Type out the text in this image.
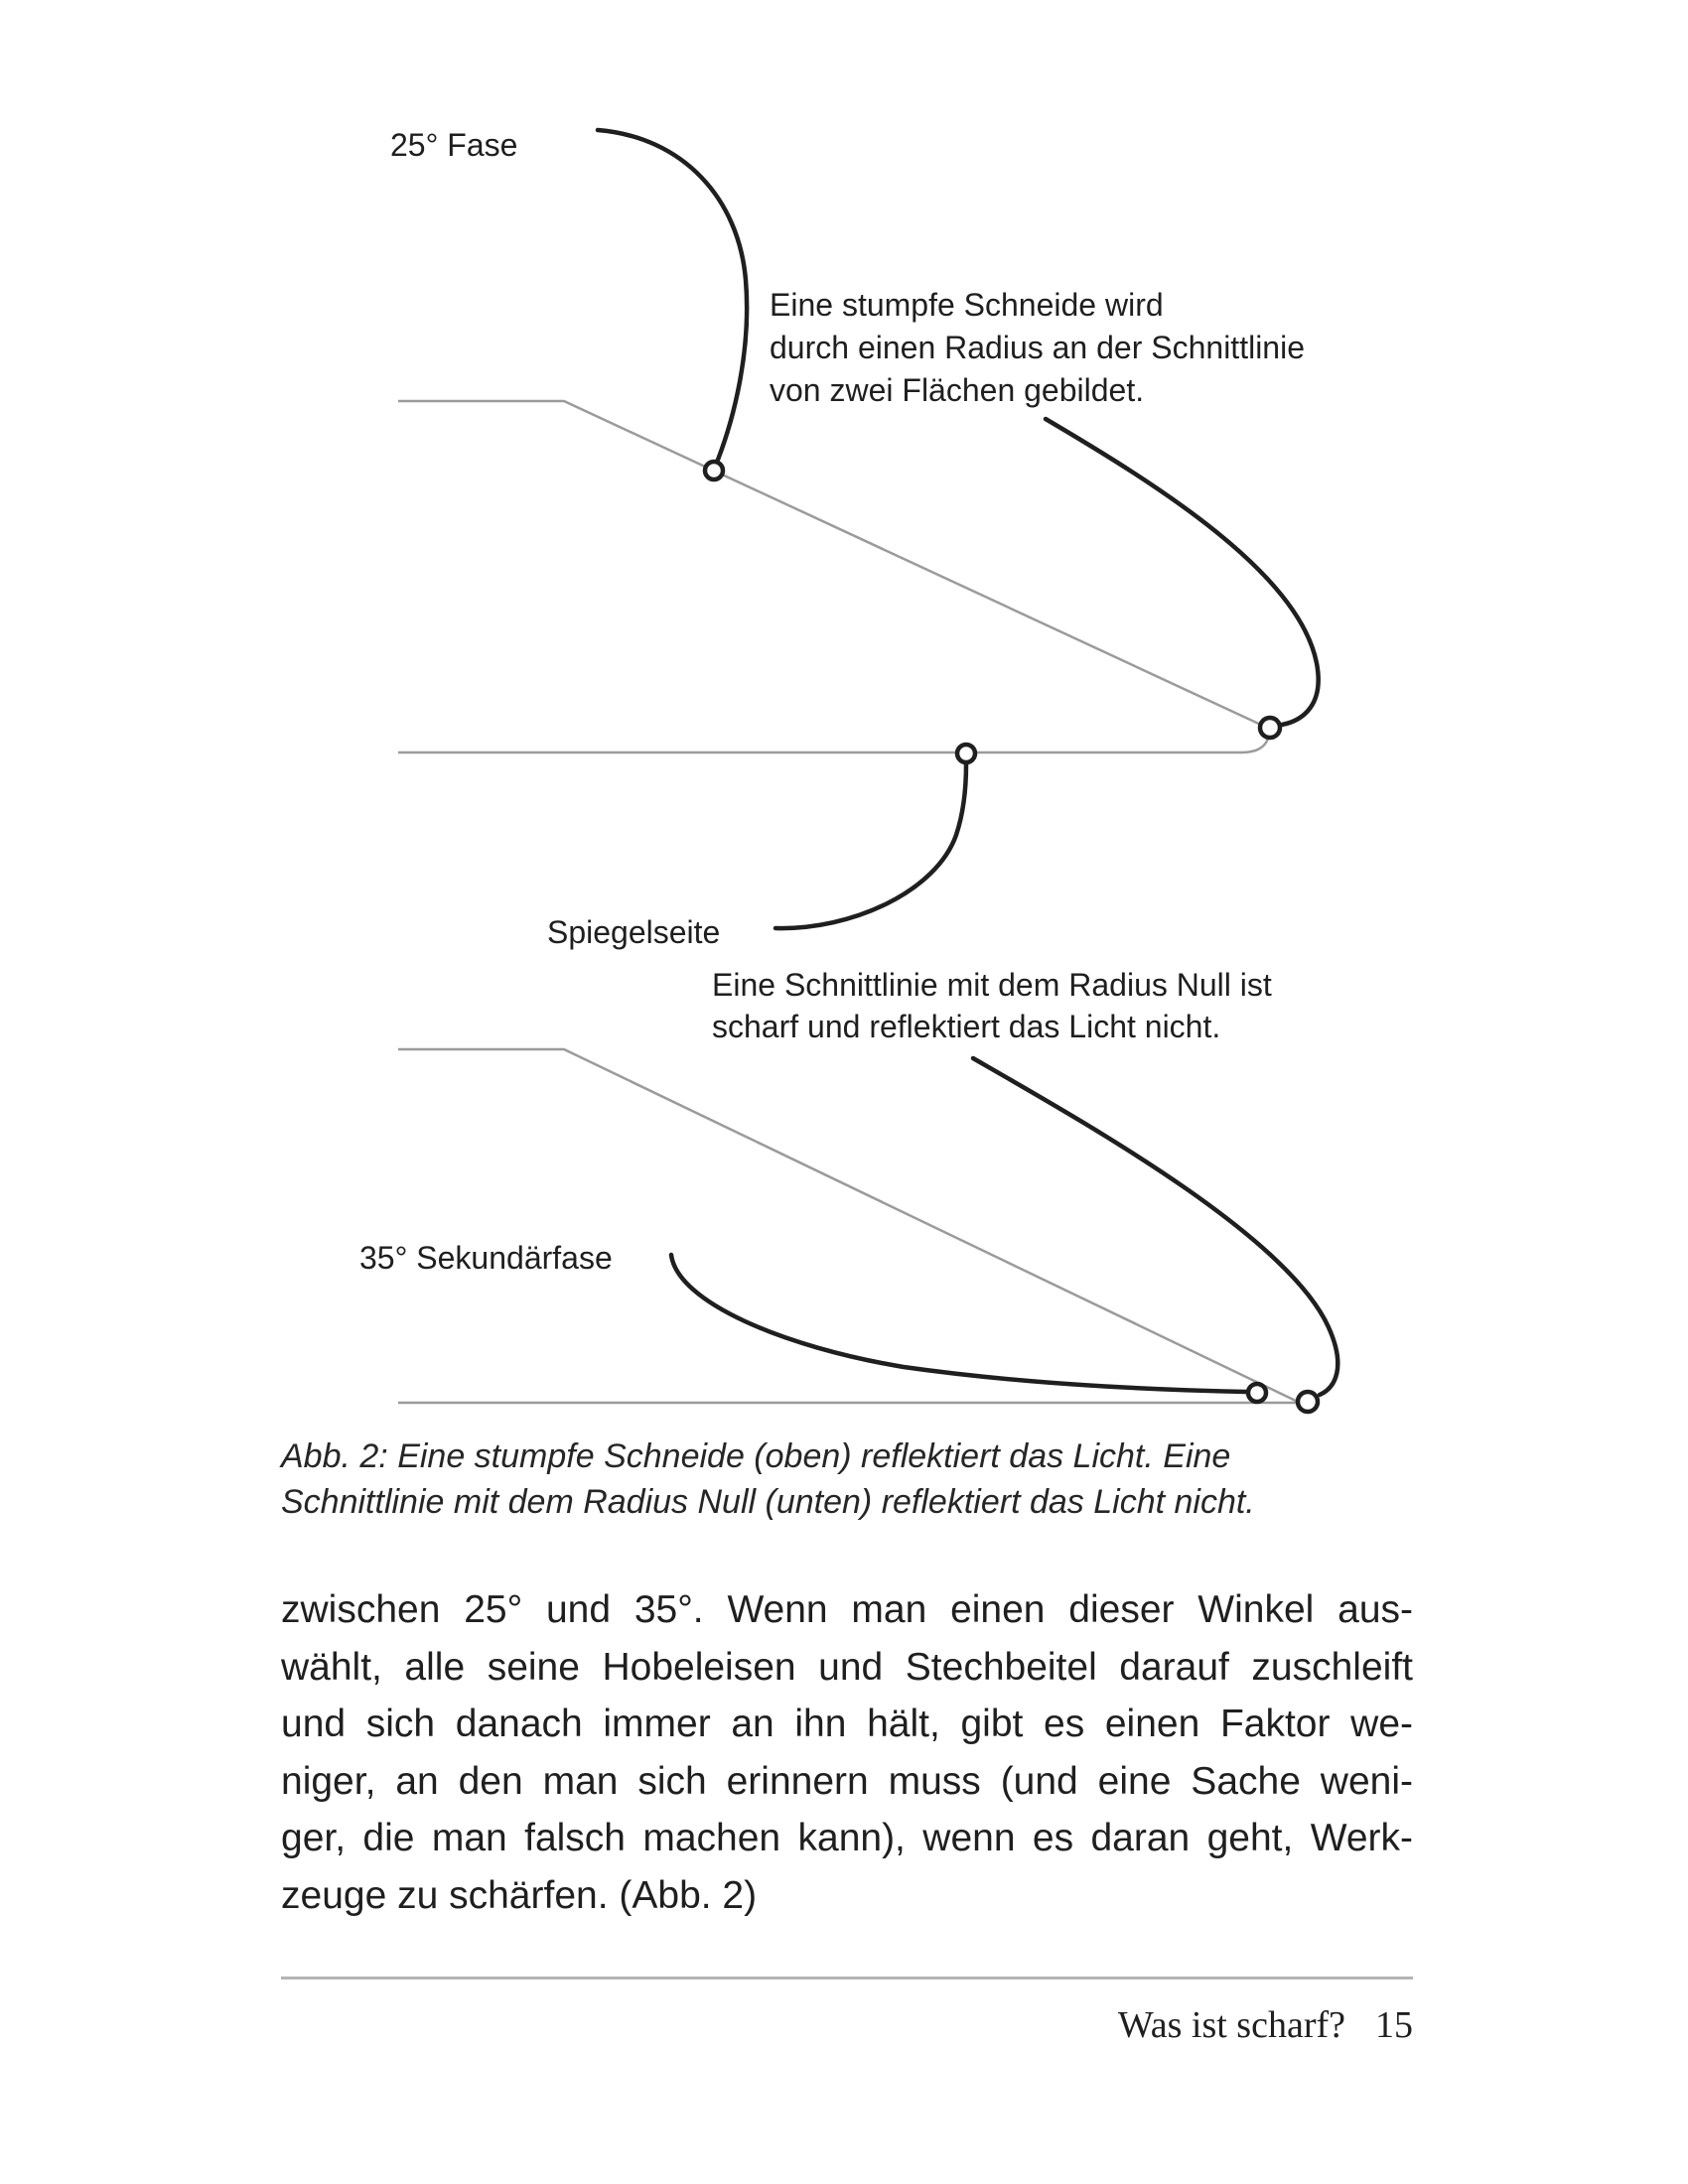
25° Fase
Eine stumpfe Schneide wird
durch einen Radius an der Schnittlinie
von zwei Flächen gebildet.
Spiegelseite
Eine Schnittlinie mit dem Radius Null ist
scharf und reflektiert das Licht nicht.
35° Sekundärfase
Abb. 2: Eine stumpfe Schneide (oben) reflektiert das Licht. Eine
Schnittlinie mit dem Radius Null (unten) reflektiert das Licht nicht.
zwischen 25° und 35°. Wenn man einen dieser Winkel aus-
wählt, alle seine Hobeleisen und Stechbeitel darauf zuschleift
und sich danach immer an ihn hält, gibt es einen Faktor we-
niger, an den man sich erinnern muss (und eine Sache weni-
ger, die man falsch machen kann), wenn es daran geht, Werk-
zeuge zu schärfen. (Abb. 2)
Was ist scharf? 15
